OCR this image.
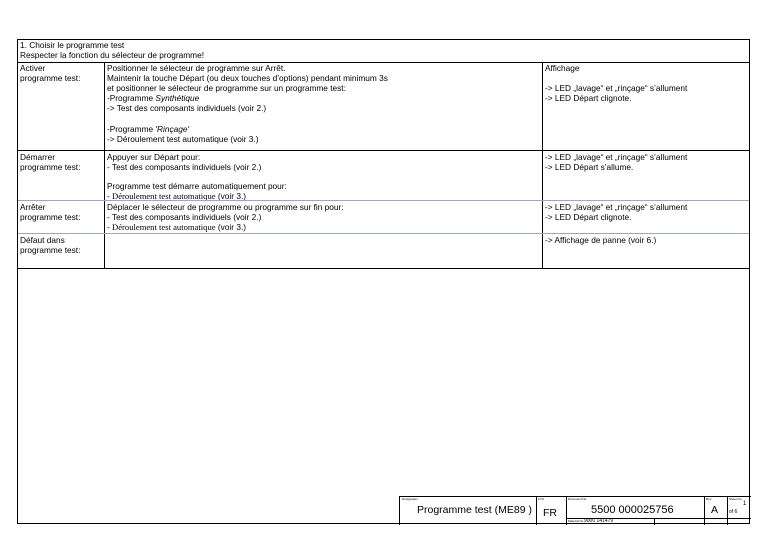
1. Choisir le programme test
Respecter la fonction du sélecteur de programme!
Activer
programme test:
Positionner le sélecteur de programme sur Arrêt.
Maintenir la touche Départ (ou deux touches d’options) pendant minimum 3s
et positionner le sélecteur de programme sur un programme test:
-Programme Synthétique
-> Test des composants individuels (voir 2.)
-Programme 'Rinçage'
-> Déroulement test automatique (voir 3.)
Affichage
-> LED „lavage“ et „rinçage“ s’allument
-> LED Départ clignote.
Démarrer
programme test:
Appuyer sur Départ pour:
- Test des composants individuels (voir 2.)
Programme test démarre automatiquement pour:
- Déroulement test automatique (voir 3.)
-> LED „lavage“ et „rinçage“ s’allument
-> LED Départ s’allume.
Arrêter
programme test:
Déplacer le sélecteur de programme ou programme sur fin pour:
- Test des composants individuels (voir 2.)
- Déroulement test automatique (voir 3.)
-> LED „lavage“ et „rinçage“ s’allument
-> LED Départ clignote.
Défaut dans
programme test:
-> Affichage de panne (voir 6.)
Designation
Programme test (ME89 )
LCS
FR
Document No.
5500 000025756
Rev.
A
Sheet No.
1
of 6
Material No. 9000 141479
